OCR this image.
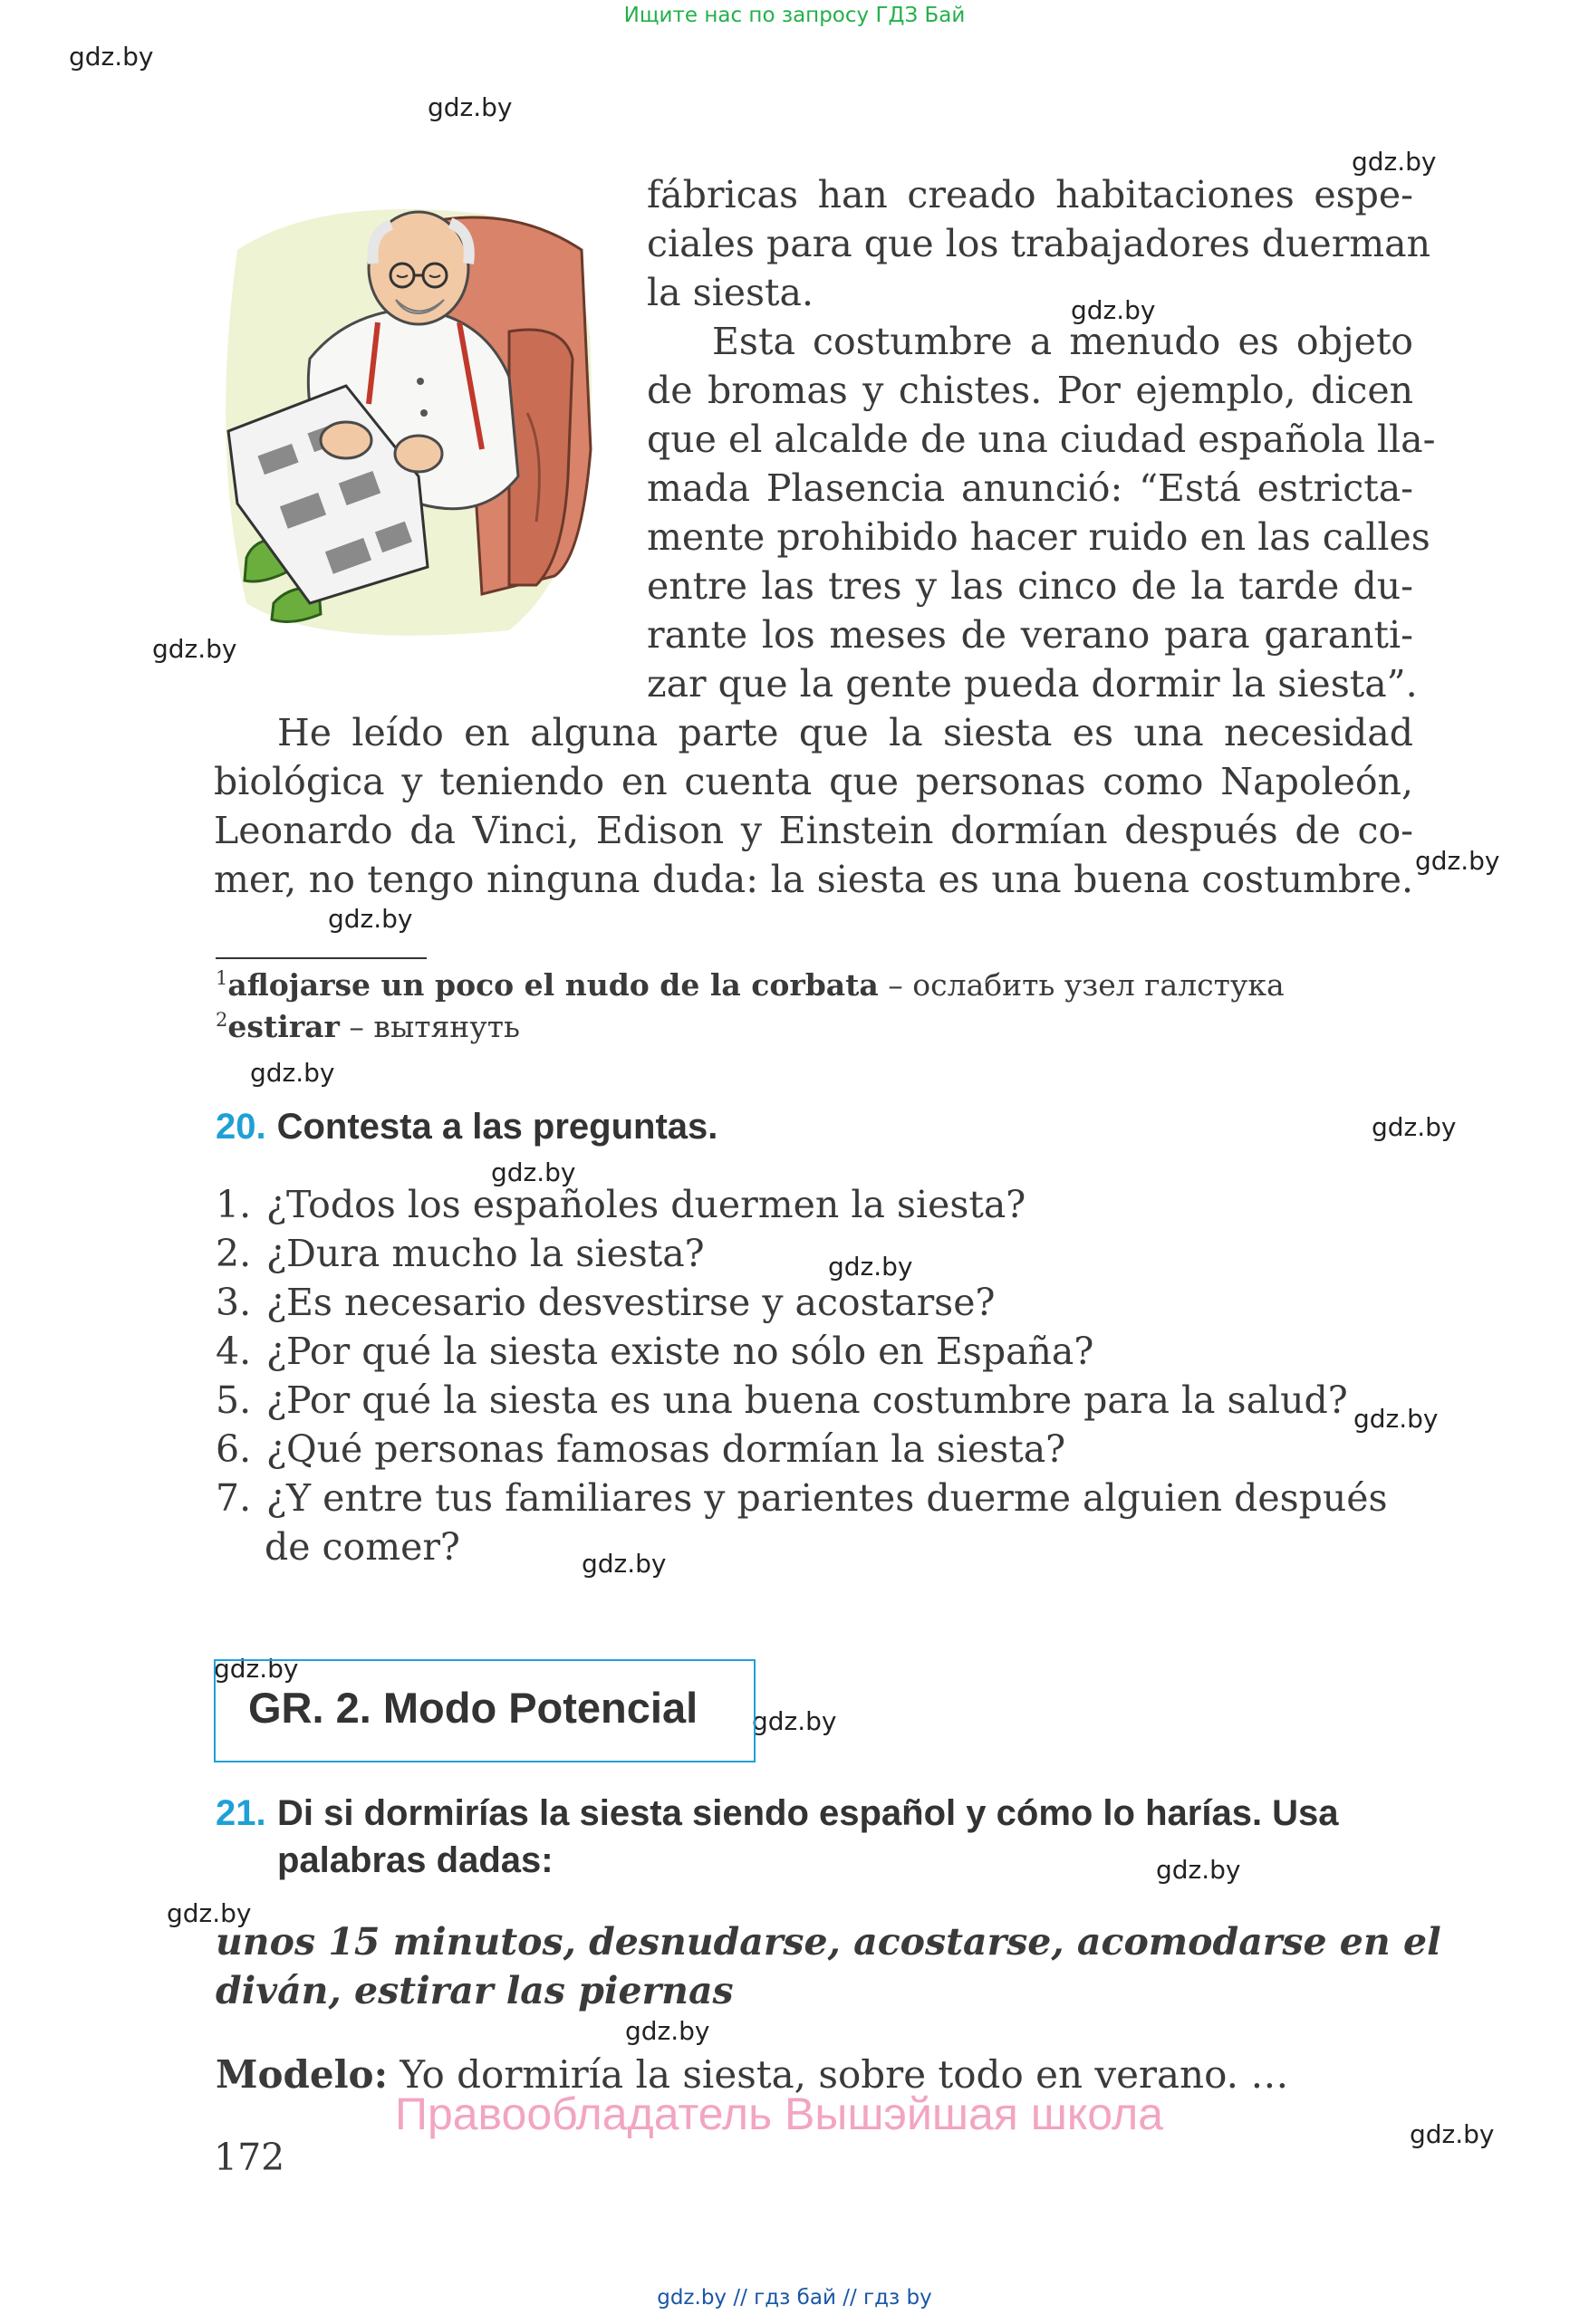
Ищите нас по запросу ГДЗ Бай
gdz.by
gdz.by
gdz.by
gdz.by
gdz.by
gdz.by
gdz.by
gdz.by
gdz.by
gdz.by
gdz.by
gdz.by
gdz.by
gdz.by
gdz.by
gdz.by
gdz.by
gdz.by
gdz.by
fábricas han creado habitaciones espe-
ciales para que los trabajadores duerman
la siesta.
Esta costumbre a menudo es objeto
de bromas y chistes. Por ejemplo, dicen
que el alcalde de una ciudad española lla-
mada Plasencia anunció: “Está estricta-
mente prohibido hacer ruido en las calles
entre las tres y las cinco de la tarde du-
rante los meses de verano para garanti-
zar que la gente pueda dormir la siesta”.
He leído en alguna parte que la siesta es una necesidad
biológica y teniendo en cuenta que personas como Napoleón,
Leonardo da Vinci, Edison y Einstein dormían después de co-
mer, no tengo ninguna duda: la siesta es una buena costumbre.
$^1$aflojarse un poco el nudo de la corbata – ослабить узел галстука
$^2$estirar – вытянуть
20. Contesta a las preguntas.
1. ¿Todos los españoles duermen la siesta?
2. ¿Dura mucho la siesta?
3. ¿Es necesario desvestirse y acostarse?
4. ¿Por qué la siesta existe no sólo en España?
5. ¿Por qué la siesta es una buena costumbre para la salud?
6. ¿Qué personas famosas dormían la siesta?
7. ¿Y entre tus familiares y parientes duerme alguien después
de comer?
GR. 2. Modo Potencial
21. Di si dormirías la siesta siendo español y cómo lo harías. Usa
palabras dadas:
unos 15 minutos, desnudarse, acostarse, acomodarse en el
diván, estirar las piernas
Modelo: Yo dormiría la siesta, sobre todo en verano. …
Правообладатель Вышэйшая школа
172
gdz.by // гдз бай // гдз by
